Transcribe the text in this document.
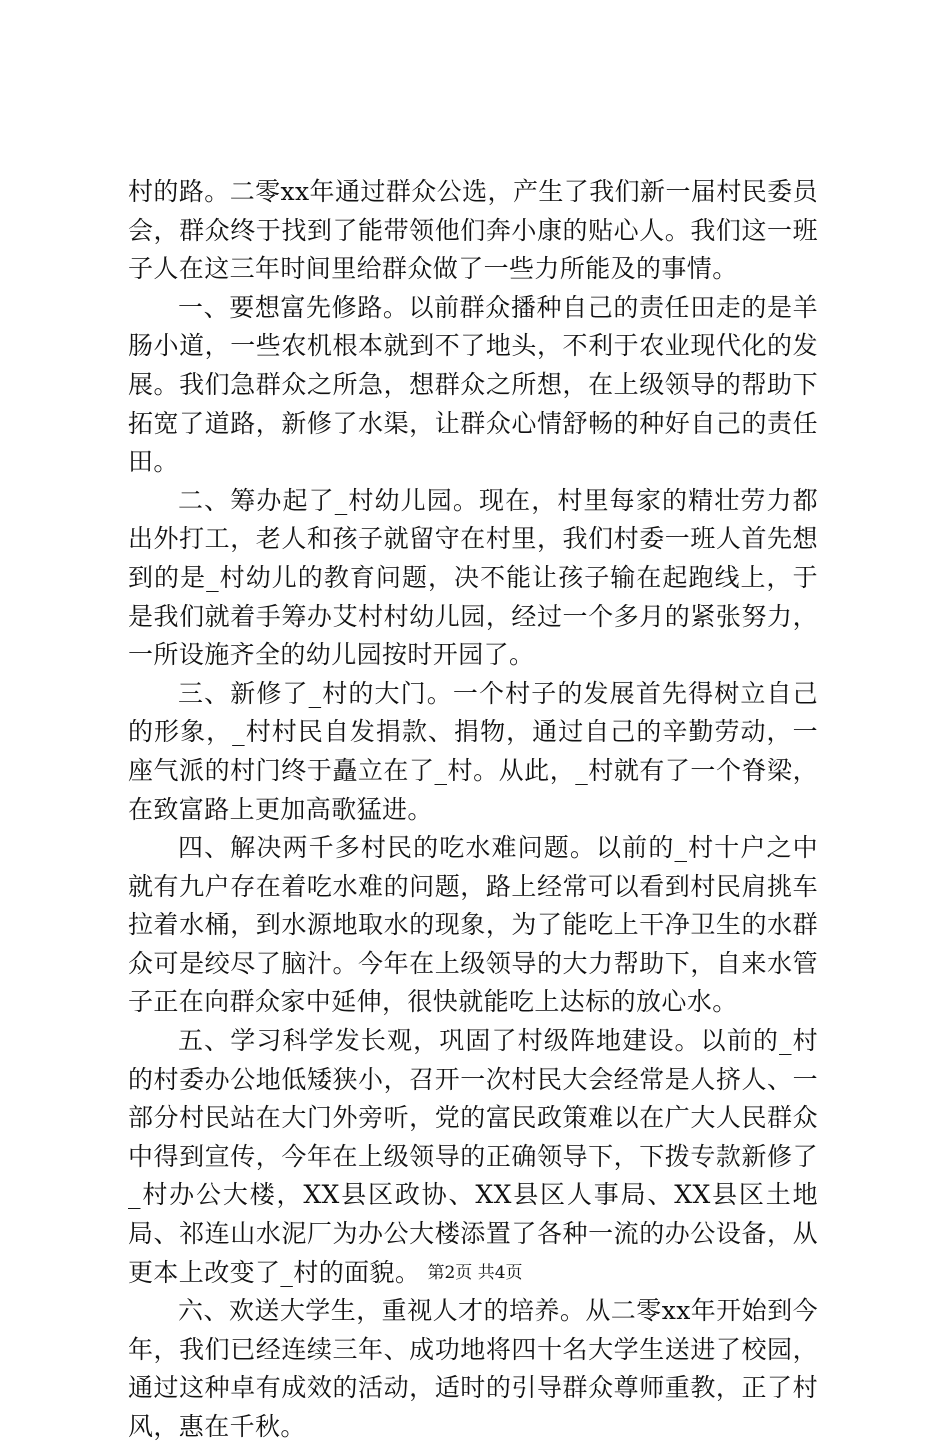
村的路。二零xx年通过群众公选，产生了我们新一届村民委员会，群众终于找到了能带领他们奔小康的贴心人。我们这一班子人在这三年时间里给群众做了一些力所能及的事情。

一、要想富先修路。以前群众播种自己的责任田走的是羊肠小道，一些农机根本就到不了地头，不利于农业现代化的发展。我们急群众之所急，想群众之所想，在上级领导的帮助下拓宽了道路，新修了水渠，让群众心情舒畅的种好自己的责任田。

二、筹办起了_村幼儿园。现在，村里每家的精壮劳力都出外打工，老人和孩子就留守在村里，我们村委一班人首先想到的是_村幼儿的教育问题，决不能让孩子输在起跑线上，于是我们就着手筹办艾村村幼儿园，经过一个多月的紧张努力，一所设施齐全的幼儿园按时开园了。

三、新修了_村的大门。一个村子的发展首先得树立自己的形象，_村村民自发捐款、捐物，通过自己的辛勤劳动，一座气派的村门终于矗立在了_村。从此，_村就有了一个脊梁，在致富路上更加高歌猛进。

四、解决两千多村民的吃水难问题。以前的_村十户之中就有九户存在着吃水难的问题，路上经常可以看到村民肩挑车拉着水桶，到水源地取水的现象，为了能吃上干净卫生的水群众可是绞尽了脑汁。今年在上级领导的大力帮助下，自来水管子正在向群众家中延伸，很快就能吃上达标的放心水。

五、学习科学发长观，巩固了村级阵地建设。以前的_村的村委办公地低矮狭小，召开一次村民大会经常是人挤人、一部分村民站在大门外旁听，党的富民政策难以在广大人民群众中得到宣传，今年在上级领导的正确领导下，下拨专款新修了_村办公大楼，XX县区政协、XX县区人事局、XX县区土地局、祁连山水泥厂为办公大楼添置了各种一流的办公设备，从更本上改变了_村的面貌。

六、欢送大学生，重视人才的培养。从二零xx年开始到今年，我们已经连续三年、成功地将四十名大学生送进了校园，通过这种卓有成效的活动，适时的引导群众尊师重教，正了村风，惠在千秋。

第2页 共4页
